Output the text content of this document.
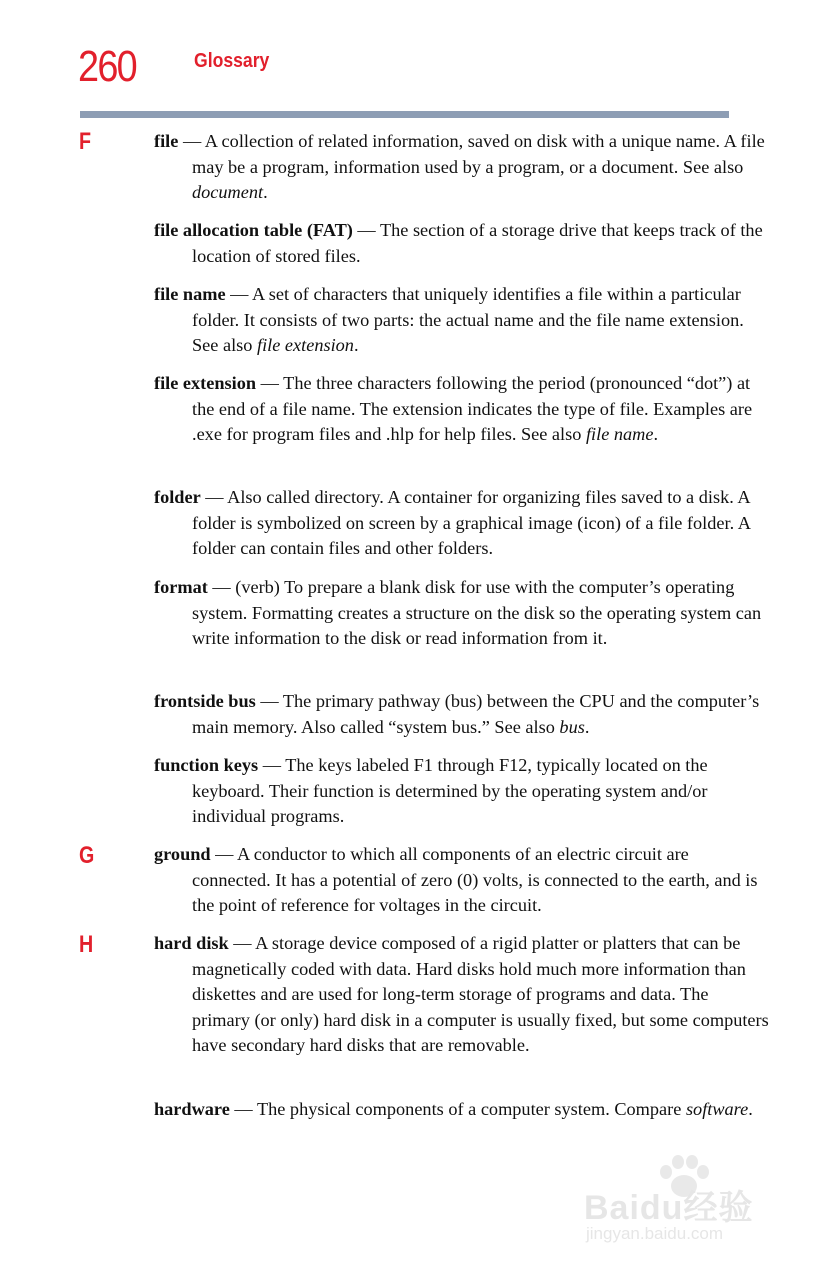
260	Glossary
F
G
H

file — A collection of related information, saved on disk with a unique name. A file may be a program, information used by a program, or a document. See also document.

file allocation table (FAT) — The section of a storage drive that keeps track of the location of stored files.

file name — A set of characters that uniquely identifies a file within a particular folder. It consists of two parts: the actual name and the file name extension. See also file extension.

file extension — The three characters following the period (pronounced “dot”) at the end of a file name. The extension indicates the type of file. Examples are .exe for program files and .hlp for help files. See also file name.

folder — Also called directory. A container for organizing files saved to a disk. A folder is symbolized on screen by a graphical image (icon) of a file folder. A folder can contain files and other folders.

format — (verb) To prepare a blank disk for use with the computer’s operating system. Formatting creates a structure on the disk so the operating system can write information to the disk or read information from it.

frontside bus — The primary pathway (bus) between the CPU and the computer’s main memory. Also called “system bus.” See also bus.

function keys — The keys labeled F1 through F12, typically located on the keyboard. Their function is determined by the operating system and/or individual programs.

ground — A conductor to which all components of an electric circuit are connected. It has a potential of zero (0) volts, is connected to the earth, and is the point of reference for voltages in the circuit.

hard disk — A storage device composed of a rigid platter or platters that can be magnetically coded with data. Hard disks hold much more information than diskettes and are used for long-term storage of programs and data. The primary (or only) hard disk in a computer is usually fixed, but some computers have secondary hard disks that are removable.

hardware — The physical components of a computer system. Compare software.

Baidu经验
jingyan.baidu.com
